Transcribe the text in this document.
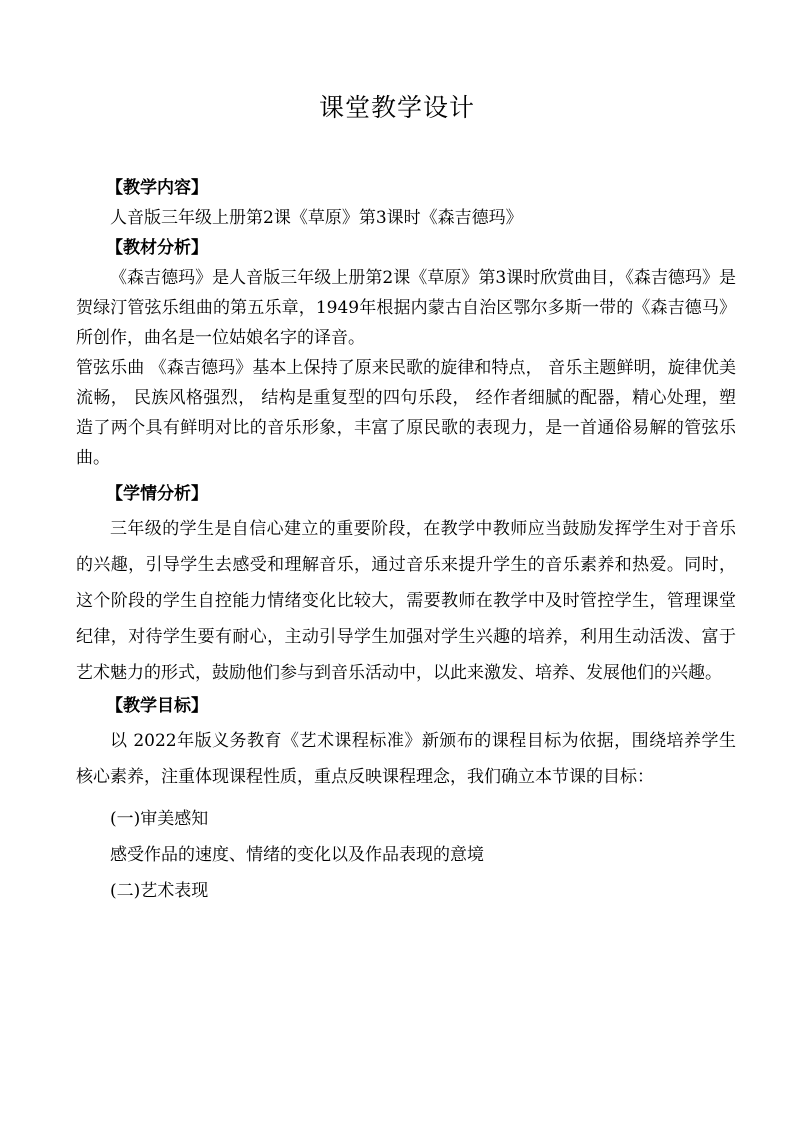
课堂教学设计

【教学内容】

人音版三年级上册第2课《草原》第3课时《森吉德玛》

【教材分析】

《森吉德玛》是人音版三年级上册第2课《草原》第3课时欣赏曲目，《森吉德玛》是贺绿汀管弦乐组曲的第五乐章，1949年根据内蒙古自治区鄂尔多斯一带的《森吉德马》所创作，曲名是一位姑娘名字的译音。

管弦乐曲 《森吉德玛》基本上保持了原来民歌的旋律和特点， 音乐主题鲜明，旋律优美流畅， 民族风格强烈， 结构是重复型的四句乐段， 经作者细腻的配器，精心处理，塑造了两个具有鲜明对比的音乐形象，丰富了原民歌的表现力，是一首通俗易解的管弦乐曲。

【学情分析】

三年级的学生是自信心建立的重要阶段，在教学中教师应当鼓励发挥学生对于音乐的兴趣，引导学生去感受和理解音乐，通过音乐来提升学生的音乐素养和热爱。同时，这个阶段的学生自控能力情绪变化比较大，需要教师在教学中及时管控学生，管理课堂纪律，对待学生要有耐心，主动引导学生加强对学生兴趣的培养，利用生动活泼、富于艺术魅力的形式，鼓励他们参与到音乐活动中，以此来激发、培养、发展他们的兴趣。

【教学目标】

以 2022年版义务教育《艺术课程标准》新颁布的课程目标为依据，围绕培养学生核心素养，注重体现课程性质，重点反映课程理念，我们确立本节课的目标：

(一)审美感知

感受作品的速度、情绪的变化以及作品表现的意境

(二)艺术表现
